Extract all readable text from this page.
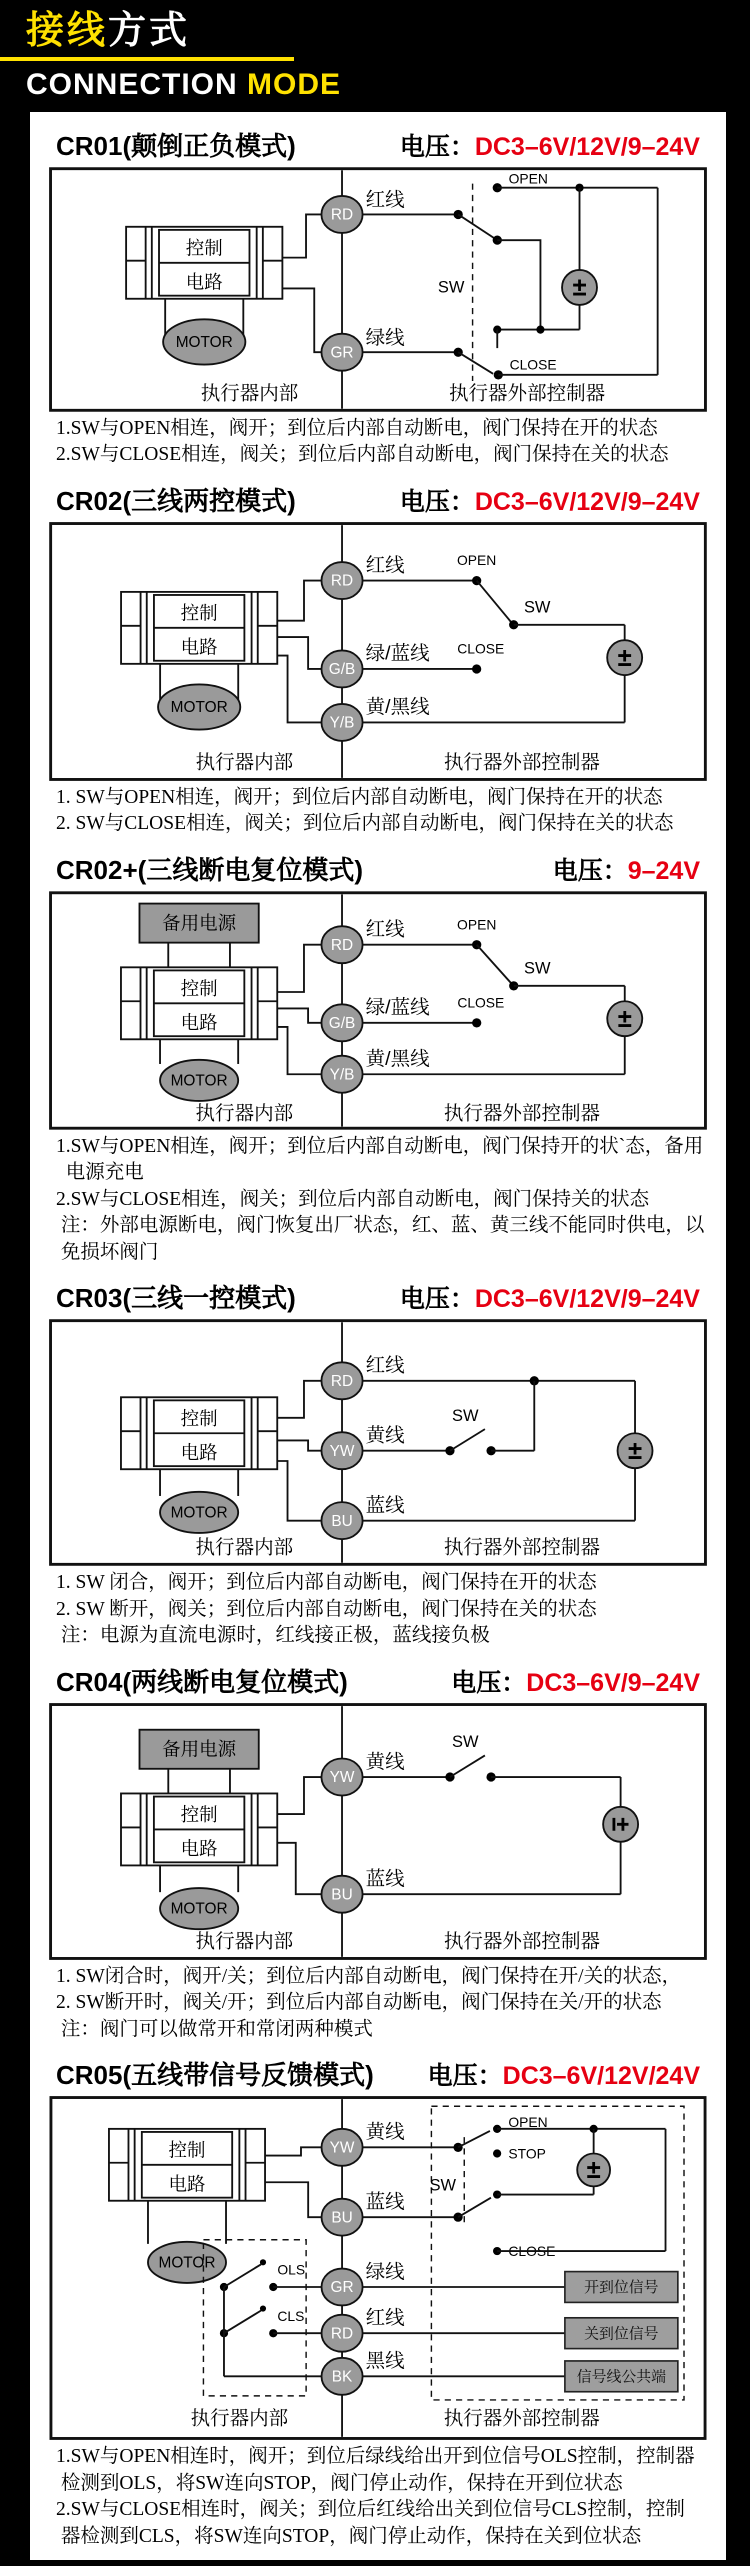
接线方式
CONNECTION MODE
CR01(颠倒正负模式)	电压：DC3–6V/12V/9–24V
控制
电路
MOTOR
OPEN
±
CLOSE
SW
RD
红线
GR
绿线
执行器内部	执行器外部控制器
1.SW与OPEN相连，阀开；到位后内部自动断电，阀门保持在开的状态
2.SW与CLOSE相连，阀关；到位后内部自动断电，阀门保持在关的状态
CR02(三线两控模式)	电压：DC3–6V/12V/9–24V
控制
电路
MOTOR
OPEN
SW
±
CLOSE
RD
红线
G/B
绿/蓝线
Y/B
黄/黑线
执行器内部	执行器外部控制器
1. SW与OPEN相连，阀开；到位后内部自动断电，阀门保持在开的状态
2. SW与CLOSE相连，阀关；到位后内部自动断电，阀门保持在关的状态
CR02+(三线断电复位模式)	电压：9–24V
备用电源
控制
电路
MOTOR
OPEN
SW
±
CLOSE
RD
红线
G/B
绿/蓝线
Y/B
黄/黑线
执行器内部	执行器外部控制器
1.SW与OPEN相连，阀开；到位后内部自动断电，阀门保持开的状`态，备用
电源充电
2.SW与CLOSE相连，阀关；到位后内部自动断电，阀门保持关的状态
注：外部电源断电，阀门恢复出厂状态，红、蓝、黄三线不能同时供电，以
免损坏阀门
CR03(三线一控模式)	电压：DC3–6V/12V/9–24V
控制
电路
MOTOR
±
SW
RD
红线
YW
黄线
BU
蓝线
执行器内部	执行器外部控制器
1. SW 闭合，阀开；到位后内部自动断电，阀门保持在开的状态
2. SW 断开，阀关；到位后内部自动断电，阀门保持在关的状态
注：电源为直流电源时，红线接正极，蓝线接负极
CR04(两线断电复位模式)	电压：DC3–6V/9–24V
备用电源
控制
电路
MOTOR
SW
±
YW
黄线
BU
蓝线
执行器内部	执行器外部控制器
1. SW闭合时，阀开/关；到位后内部自动断电，阀门保持在开/关的状态，
2. SW断开时，阀关/开；到位后内部自动断电，阀门保持在关/开的状态
注：阀门可以做常开和常闭两种模式
CR05(五线带信号反馈模式) 电压：DC3–6V/12V/24V
控制
电路
MOTOR	OLS
CLS
OPEN
STOP
±
CLOSE
SW
开到位信号
关到位信号
信号线公共端
YW
黄线
BU
蓝线
GR
绿线
RD
红线
BK
黑线
执行器内部	执行器外部控制器
1.SW与OPEN相连时，阀开；到位后绿线给出开到位信号OLS控制，控制器
检测到OLS，将SW连向STOP，阀门停止动作，保持在开到位状态
2.SW与CLOSE相连时，阀关；到位后红线给出关到位信号CLS控制，控制
器检测到CLS，将SW连向STOP，阀门停止动作，保持在关到位状态
